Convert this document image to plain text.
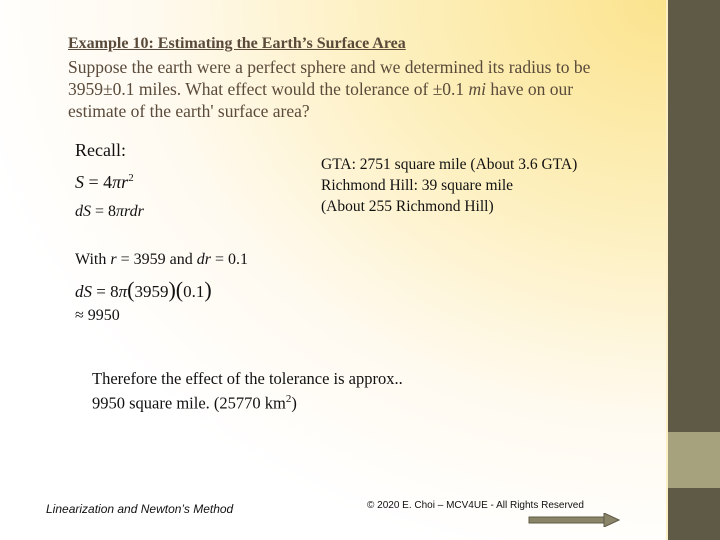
Example 10: Estimating the Earth’s Surface Area
Suppose the earth were a perfect sphere and we determined its radius to be
3959±0.1 miles. What effect would the tolerance of ±0.1 mi have on our
estimate of the earth' surface area?
Recall:
$S = 4\pi r^2$
dS = 8πrdr
With r = 3959 and dr = 0.1
dS = 8π(3959)(0.1)
≈ 9950
GTA: 2751 square mile (About 3.6 GTA)
Richmond Hill: 39 square mile
(About 255 Richmond Hill)
Therefore the effect of the tolerance is approx..
9950 square mile. (25770 $km^2$)
Linearization and Newton’s Method	© 2020 E. Choi – MCV4UE - All Rights Reserved
